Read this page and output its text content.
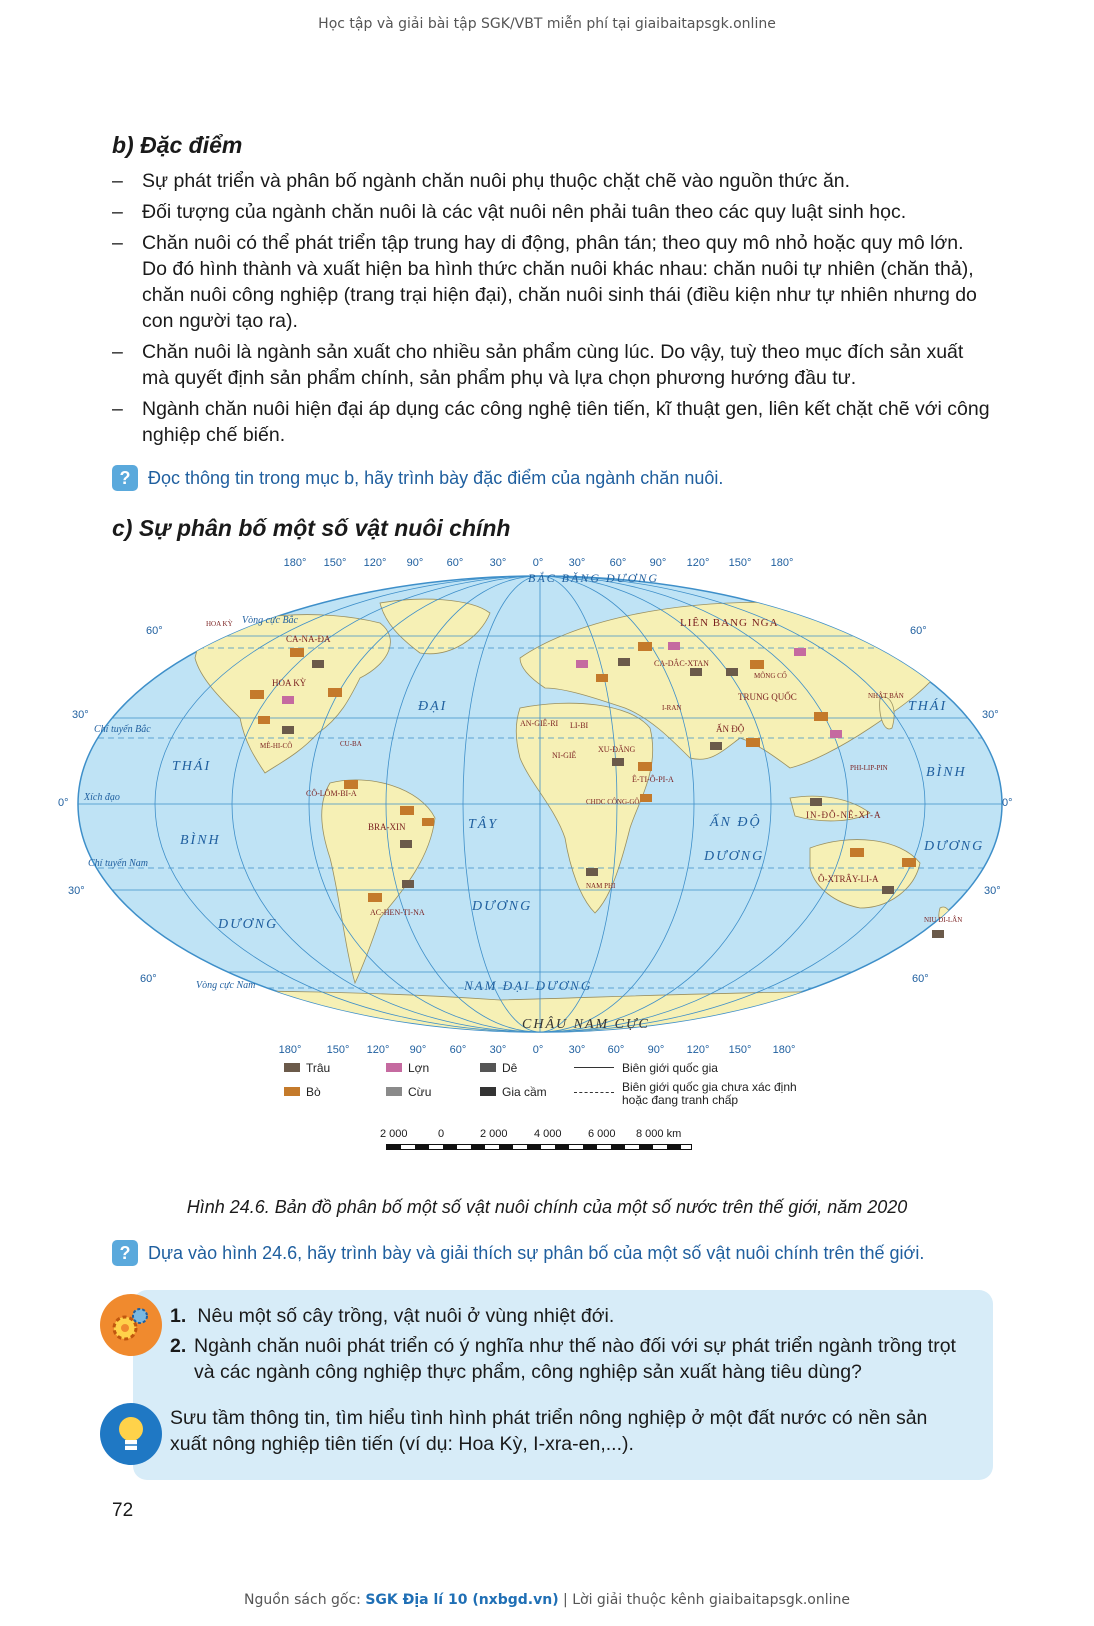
Học tập và giải bài tập SGK/VBT miễn phí tại giaibaitapsgk.online
b) Đặc điểm
– Sự phát triển và phân bố ngành chăn nuôi phụ thuộc chặt chẽ vào nguồn thức ăn.
– Đối tượng của ngành chăn nuôi là các vật nuôi nên phải tuân theo các quy luật sinh học.
– Chăn nuôi có thể phát triển tập trung hay di động, phân tán; theo quy mô nhỏ hoặc quy mô lớn. Do đó hình thành và xuất hiện ba hình thức chăn nuôi khác nhau: chăn nuôi tự nhiên (chăn thả), chăn nuôi công nghiệp (trang trại hiện đại), chăn nuôi sinh thái (điều kiện như tự nhiên nhưng do con người tạo ra).
– Chăn nuôi là ngành sản xuất cho nhiều sản phẩm cùng lúc. Do vậy, tuỳ theo mục đích sản xuất mà quyết định sản phẩm chính, sản phẩm phụ và lựa chọn phương hướng đầu tư.
– Ngành chăn nuôi hiện đại áp dụng các công nghệ tiên tiến, kĩ thuật gen, liên kết chặt chẽ với công nghiệp chế biến.
? Đọc thông tin trong mục b, hãy trình bày đặc điểm của ngành chăn nuôi.
c) Sự phân bố một số vật nuôi chính
180° 150° 120° 90° 60° 30° 0° 30° 60° 90° 120° 150° 180°
180° 150° 120° 90° 60° 30° 0° 30° 60° 90° 120° 150° 180°
60°	60°
30°	30°
0°	0°
30°	30°
60°	60°
Vòng cực Bắc
Chí tuyến Bắc
Xích đạo
Chí tuyến Nam
Vòng cực Nam
BẮC BĂNG DƯƠNG
ĐẠI
TÂY
DƯƠNG
THÁI
BÌNH
DƯƠNG
THÁI
BÌNH
DƯƠNG
ẤN ĐỘ
DƯƠNG
NAM ĐẠI DƯƠNG
CHÂU NAM CỰC
LIÊN BANG NGA
CA-NA-ĐA
HOA KỲ
HOA KỲ
MÊ-HI-CÔ	CU-BA
CÔ-LÔM-BI-A
BRA-XIN
AC-HEN-TI-NA
AN-GIÊ-RI LI-BI
NI-GIÊ
XU-ĐĂNG
Ê-TI-Ô-PI-A
CHDC CÔNG-GÔ
NAM PHI
CA-DẮC-XTAN
MÔNG CỔ
TRUNG QUỐC	NHẬT BẢN
I-RAN
ẤN ĐỘ
PHI-LIP-PIN
IN-ĐÔ-NÊ-XI-A
Ô-XTRÂY-LI-A
NIU DI-LÂN
Trâu
Bò
Lợn
Cừu
Dê
Gia cầm
Biên giới quốc gia
Biên giới quốc gia chưa xác định hoặc đang tranh chấp
2 000	0	2 000 4 000 6 000 8 000 km
Hình 24.6. Bản đồ phân bố một số vật nuôi chính của một số nước trên thế giới, năm 2020
? Dựa vào hình 24.6, hãy trình bày và giải thích sự phân bố của một số vật nuôi chính trên thế giới.
1. Nêu một số cây trồng, vật nuôi ở vùng nhiệt đới.
2. Ngành chăn nuôi phát triển có ý nghĩa như thế nào đối với sự phát triển ngành trồng trọt và các ngành công nghiệp thực phẩm, công nghiệp sản xuất hàng tiêu dùng?
Sưu tầm thông tin, tìm hiểu tình hình phát triển nông nghiệp ở một đất nước có nền sản xuất nông nghiệp tiên tiến (ví dụ: Hoa Kỳ, I-xra-en,...).
72
Nguồn sách gốc: SGK Địa lí 10 (nxbgd.vn) | Lời giải thuộc kênh giaibaitapsgk.online
